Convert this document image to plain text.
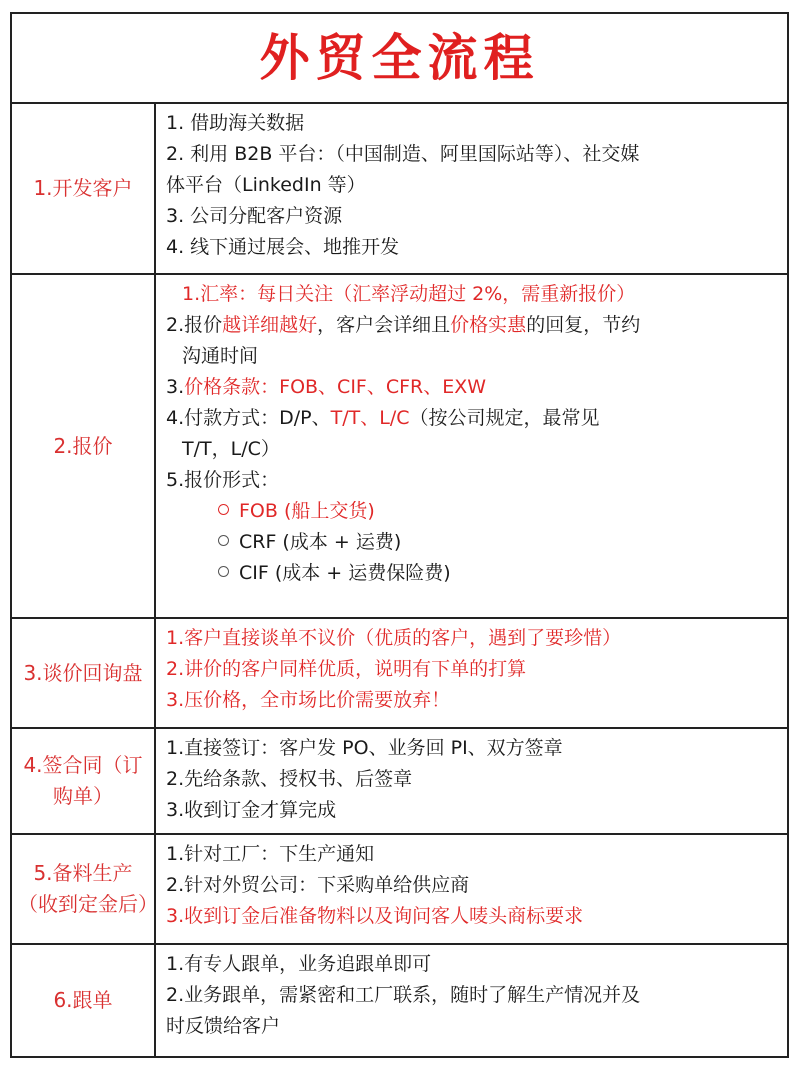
外贸全流程
1.开发客户
1. 借助海关数据
2. 利用 B2B 平台：（中国制造、阿里国际站等）、社交媒
体平台（LinkedIn 等）
3. 公司分配客户资源
4. 线下通过展会、地推开发
2.报价
1.汇率：每日关注（汇率浮动超过 2%，需重新报价）
2.报价越详细越好，客户会详细且价格实惠的回复，节约
沟通时间
3.价格条款：FOB、CIF、CFR、EXW
4.付款方式：D/P、T/T、L/C（按公司规定，最常见
T/T，L/C）
5.报价形式：
FOB (船上交货)
CRF (成本 + 运费)
CIF (成本 + 运费保险费)
3.谈价回询盘
1.客户直接谈单不议价（优质的客户，遇到了要珍惜）
2.讲价的客户同样优质，说明有下单的打算
3.压价格，全市场比价需要放弃！
4.签合同（订购单）
1.直接签订：客户发 PO、业务回 PI、双方签章
2.先给条款、授权书、后签章
3.收到订金才算完成
5.备料生产（收到定金后）
1.针对工厂：下生产通知
2.针对外贸公司：下采购单给供应商
3.收到订金后准备物料以及询问客人唛头商标要求
6.跟单
1.有专人跟单，业务追跟单即可
2.业务跟单，需紧密和工厂联系，随时了解生产情况并及
时反馈给客户
